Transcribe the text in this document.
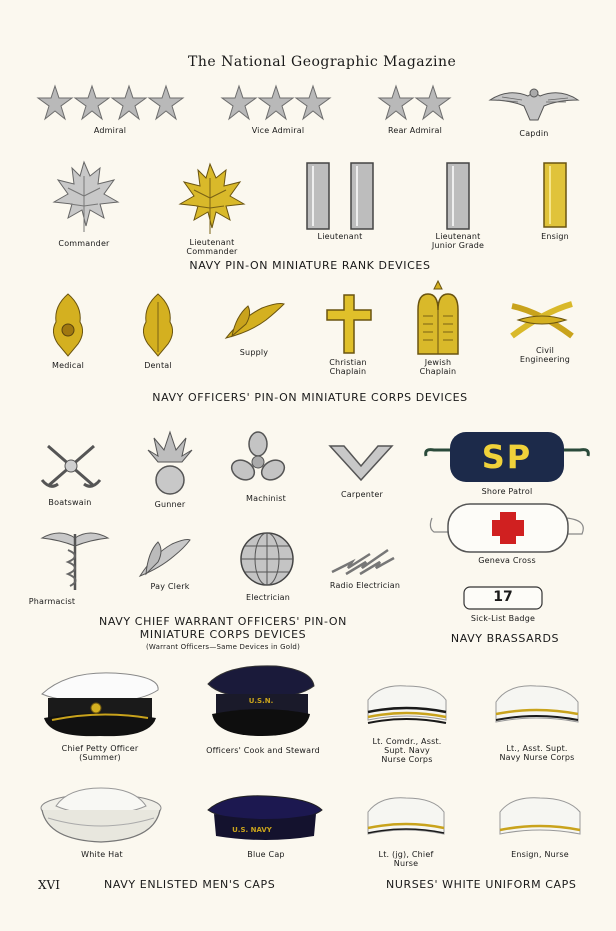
The National Geographic Magazine
Admiral	Vice Admiral	Rear Admiral	Capdin
Commander	Lieutenant
Commander
Lieutenant	Lieutenant
Junior Grade
Ensign
NAVY PIN-ON MINIATURE RANK DEVICES
Medical	Dental
Supply
Christian
Chaplain
Jewish
Chaplain
Civil
Engineering
NAVY OFFICERS' PIN-ON MINIATURE CORPS DEVICES
Boatswain	Gunner
Machinist	Carpenter
Pharmacist
Pay Clerk
Electrician
Radio Electrician
NAVY CHIEF WARRANT OFFICERS' PIN-ON
MINIATURE CORPS DEVICES
(Warrant Officers—Same Devices in Gold)
SP
Shore Patrol
Geneva Cross
17
Sick-List Badge
NAVY BRASSARDS
Chief Petty Officer
(Summer)
U.S.N.
Officers' Cook and Steward
Lt. Comdr., Asst.
Supt. Navy
Nurse Corps
Lt., Asst. Supt.
Navy Nurse Corps
White Hat
U.S. NAVY
Blue Cap	Lt. (jg), Chief
Nurse
Ensign, Nurse
XVI	NAVY ENLISTED MEN'S CAPS	NURSES' WHITE UNIFORM CAPS
